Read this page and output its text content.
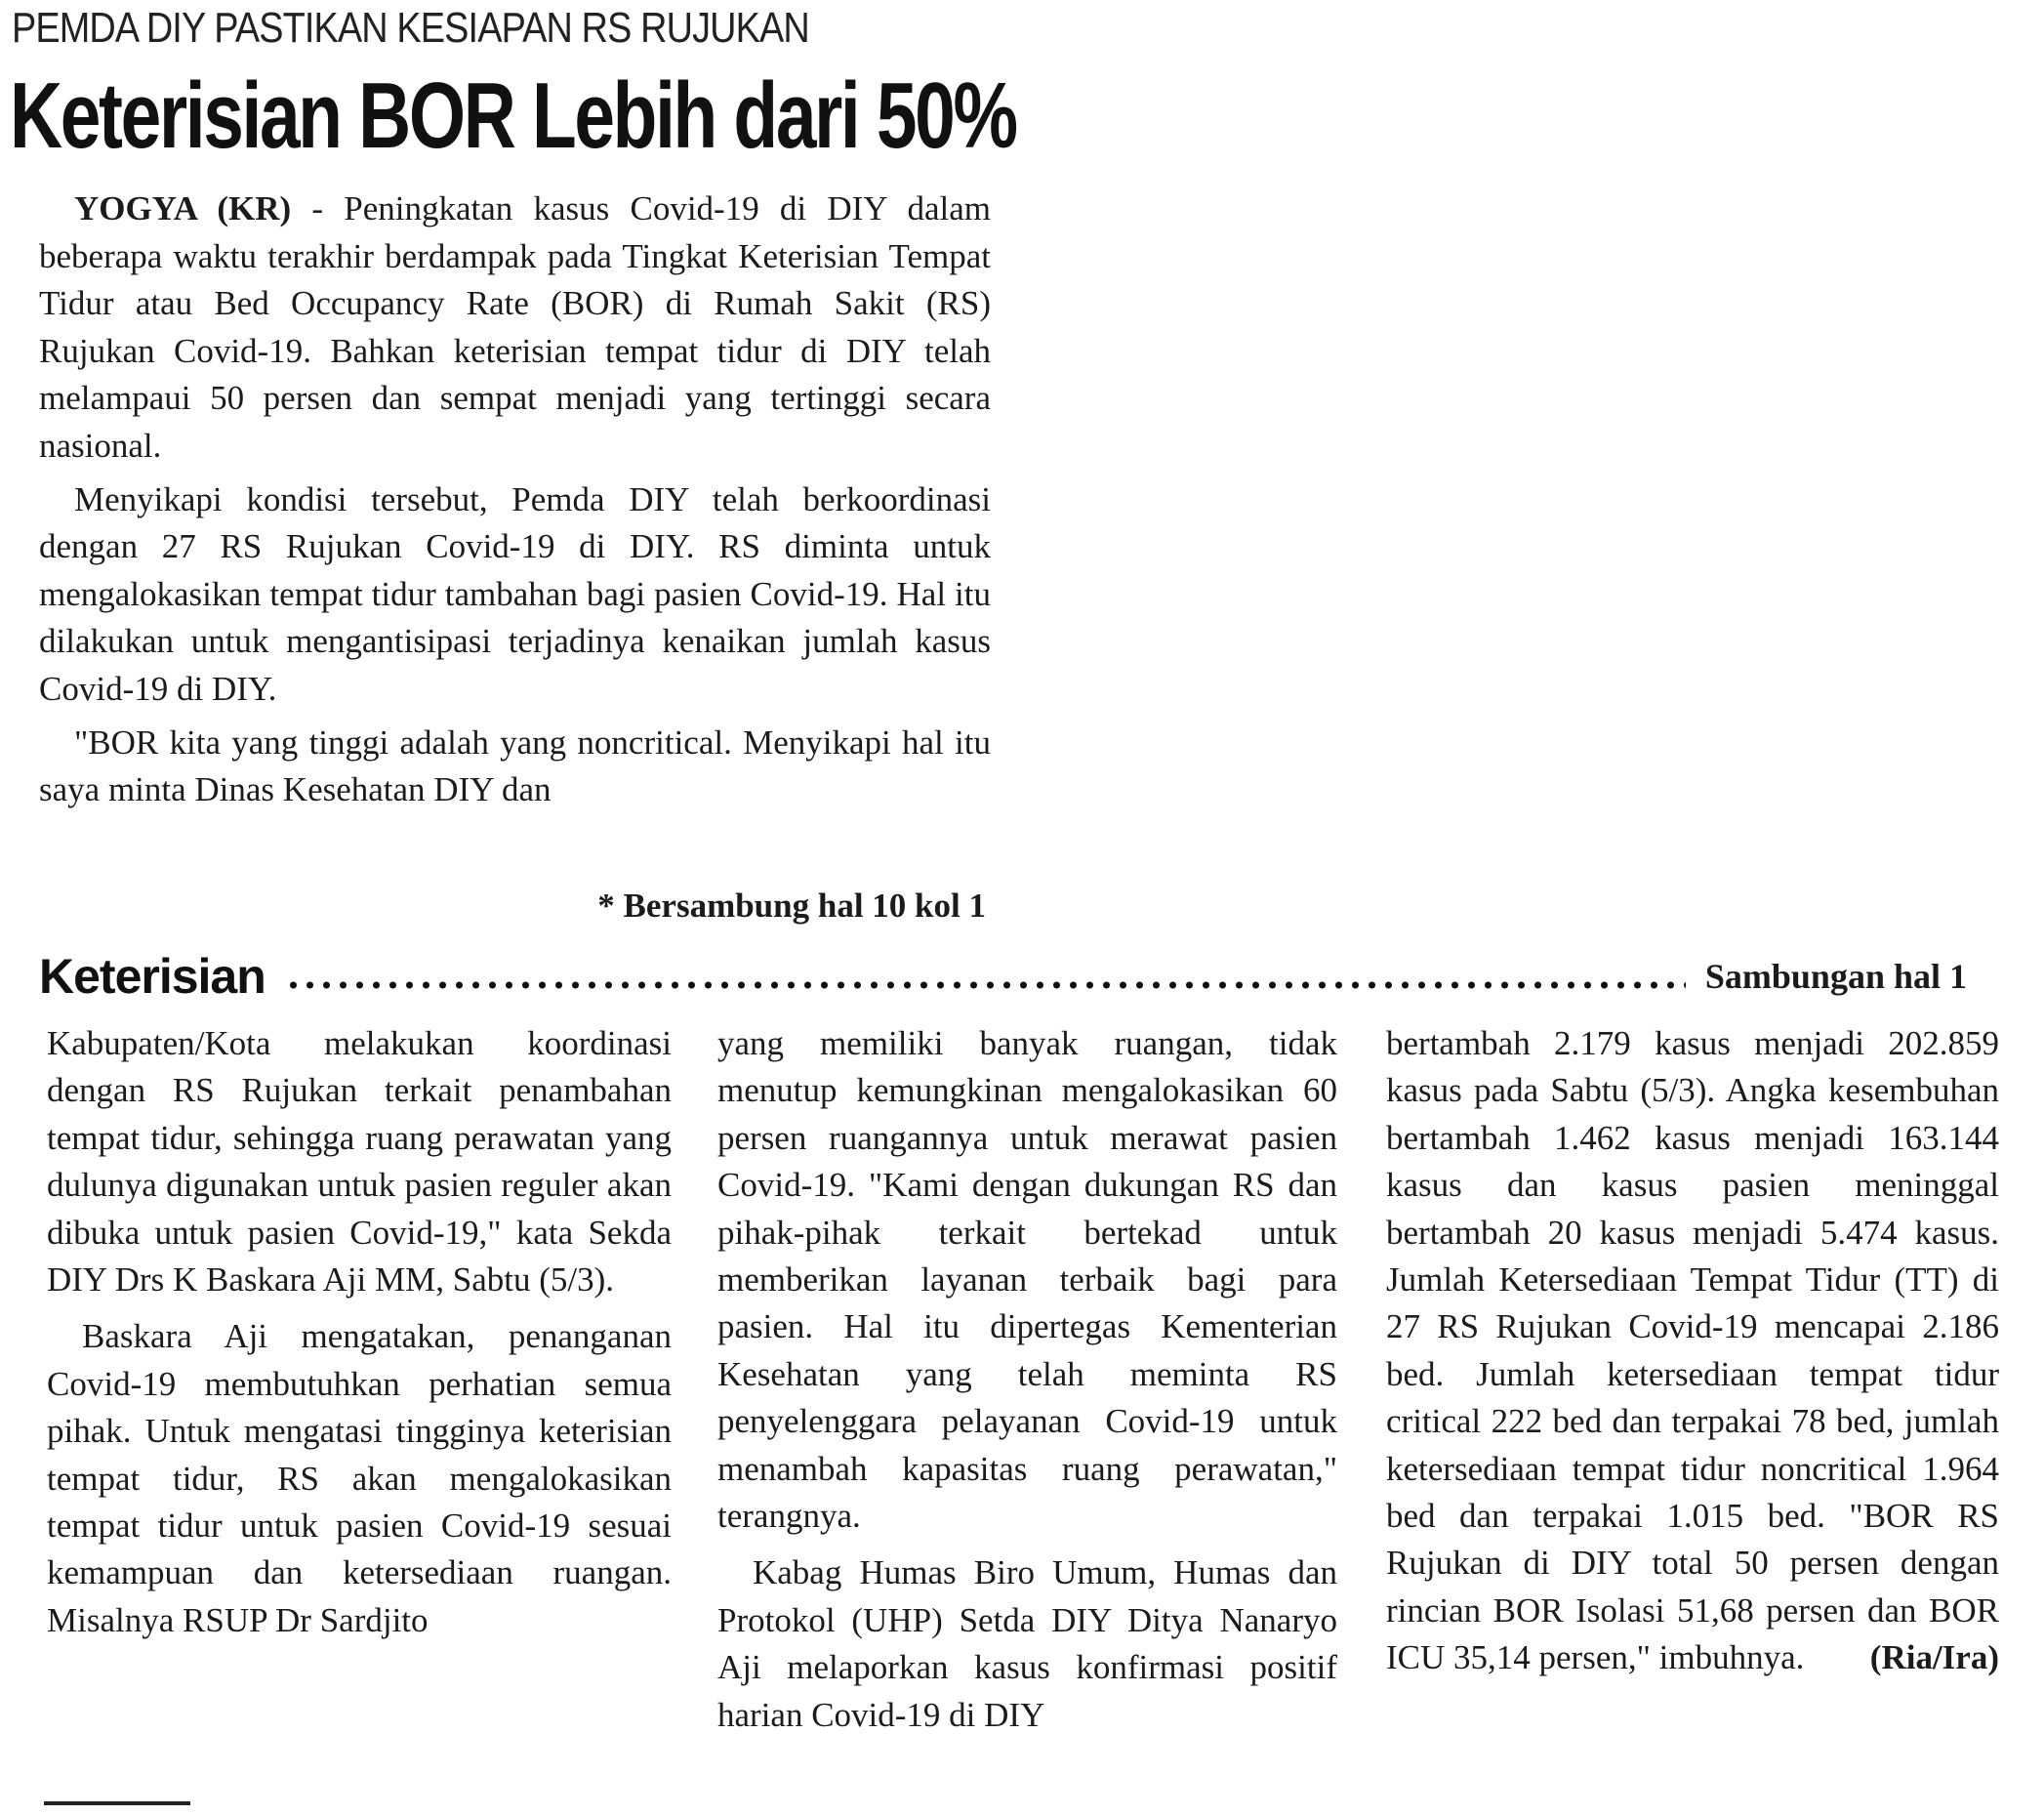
PEMDA DIY PASTIKAN KESIAPAN RS RUJUKAN
Keterisian BOR Lebih dari 50%

YOGYA (KR) - Peningkatan kasus Covid-19 di DIY dalam beberapa waktu terakhir berdampak pada Tingkat Keterisian Tempat Tidur atau Bed Occupancy Rate (BOR) di Rumah Sakit (RS) Rujukan Covid-19. Bahkan keterisian tempat tidur di DIY telah melampaui 50 persen dan sempat menjadi yang tertinggi secara nasional.

Menyikapi kondisi tersebut, Pemda DIY telah berkoordinasi dengan 27 RS Rujukan Covid-19 di DIY. RS diminta untuk mengalokasikan tempat tidur tambahan bagi pasien Covid-19. Hal itu dilakukan untuk mengantisipasi terjadinya kenaikan jumlah kasus Covid-19 di DIY.

"BOR kita yang tinggi adalah yang noncritical. Menyikapi hal itu saya minta Dinas Kesehatan DIY dan

* Bersambung hal 10 kol 1
Keterisian	Sambungan hal 1

Kabupaten/Kota melakukan koordinasi dengan RS Rujukan terkait penambahan tempat tidur, sehingga ruang perawatan yang dulunya digunakan untuk pasien reguler akan dibuka untuk pasien Covid-19," kata Sekda DIY Drs K Baskara Aji MM, Sabtu (5/3).

Baskara Aji mengatakan, penanganan Covid-19 membutuhkan perhatian semua pihak. Untuk mengatasi tingginya keterisian tempat tidur, RS akan mengalokasikan tempat tidur untuk pasien Covid-19 sesuai kemampuan dan ketersediaan ruangan. Misalnya RSUP Dr Sardjito

yang memiliki banyak ruangan, tidak menutup kemungkinan mengalokasikan 60 persen ruangannya untuk merawat pasien Covid-19. "Kami dengan dukungan RS dan pihak-pihak terkait bertekad untuk memberikan layanan terbaik bagi para pasien. Hal itu dipertegas Kementerian Kesehatan yang telah meminta RS penyelenggara pelayanan Covid-19 untuk menambah kapasitas ruang perawatan," terangnya.

Kabag Humas Biro Umum, Humas dan Protokol (UHP) Setda DIY Ditya Nanaryo Aji melaporkan kasus konfirmasi positif harian Covid-19 di DIY

bertambah 2.179 kasus menjadi 202.859 kasus pada Sabtu (5/3). Angka kesembuhan bertambah 1.462 kasus menjadi 163.144 kasus dan kasus pasien meninggal bertambah 20 kasus menjadi 5.474 kasus. Jumlah Ketersediaan Tempat Tidur (TT) di 27 RS Rujukan Covid-19 mencapai 2.186 bed. Jumlah ketersediaan tempat tidur critical 222 bed dan terpakai 78 bed, jumlah ketersediaan tempat tidur noncritical 1.964 bed dan terpakai 1.015 bed. "BOR RS Rujukan di DIY total 50 persen dengan rincian BOR Isolasi 51,68 persen dan BOR ICU 35,14 persen," imbuhnya. (Ria/Ira)
